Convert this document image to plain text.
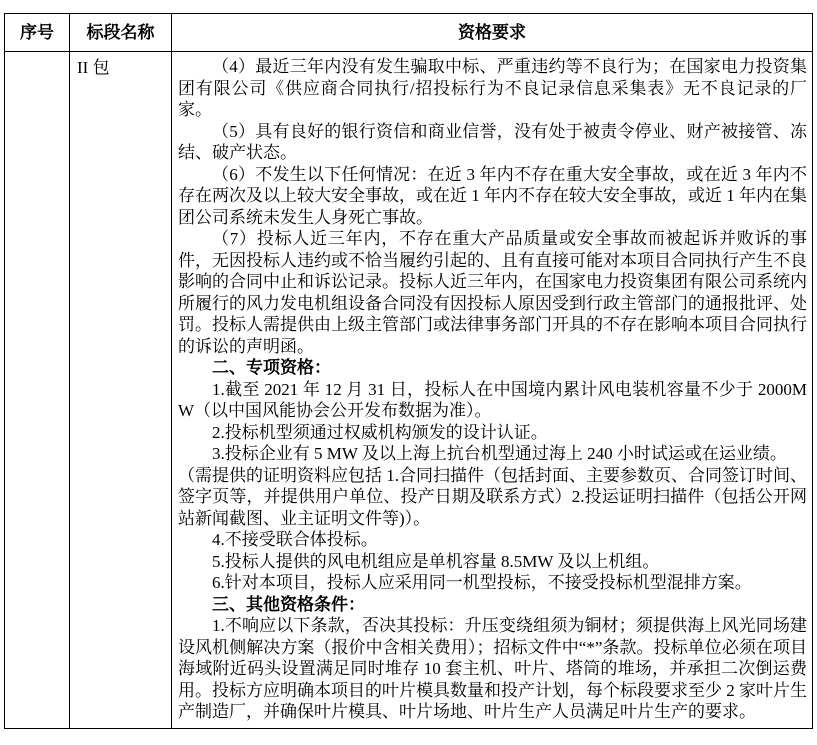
序号	标段名称	资格要求
	II 包	（4）最近三年内没有发生骗取中标、严重违约等不良行为；在国家电力投资集团有限公司《供应商合同执行/招投标行为不良记录信息采集表》无不良记录的厂家。

（5）具有良好的银行资信和商业信誉，没有处于被责令停业、财产被接管、冻结、破产状态。

（6）不发生以下任何情况：在近 3 年内不存在重大安全事故，或在近 3 年内不存在两次及以上较大安全事故，或在近 1 年内不存在较大安全事故，或近 1 年内在集团公司系统未发生人身死亡事故。

（7）投标人近三年内，不存在重大产品质量或安全事故而被起诉并败诉的事件，无因投标人违约或不恰当履约引起的、且有直接可能对本项目合同执行产生不良影响的合同中止和诉讼记录。投标人近三年内，在国家电力投资集团有限公司系统内所履行的风力发电机组设备合同没有因投标人原因受到行政主管部门的通报批评、处罚。投标人需提供由上级主管部门或法律事务部门开具的不存在影响本项目合同执行的诉讼的声明函。

二、专项资格：

1.截至 2021 年 12 月 31 日，投标人在中国境内累计风电装机容量不少于 2000MW（以中国风能协会公开发布数据为准）。

2.投标机型须通过权威机构颁发的设计认证。

3.投标企业有 5 MW 及以上海上抗台机型通过海上 240 小时试运或在运业绩。

（需提供的证明资料应包括 1.合同扫描件（包括封面、主要参数页、合同签订时间、签字页等，并提供用户单位、投产日期及联系方式）2.投运证明扫描件（包括公开网站新闻截图、业主证明文件等)）。

4.不接受联合体投标。

5.投标人提供的风电机组应是单机容量 8.5MW 及以上机组。

6.针对本项目，投标人应采用同一机型投标，不接受投标机型混排方案。

三、其他资格条件：

1.不响应以下条款，否决其投标：升压变绕组须为铜材；须提供海上风光同场建设风机侧解决方案（报价中含相关费用）；招标文件中“*”条款。投标单位必须在项目海域附近码头设置满足同时堆存 10 套主机、叶片、塔筒的堆场，并承担二次倒运费用。投标方应明确本项目的叶片模具数量和投产计划，每个标段要求至少 2 家叶片生产制造厂，并确保叶片模具、叶片场地、叶片生产人员满足叶片生产的要求。
